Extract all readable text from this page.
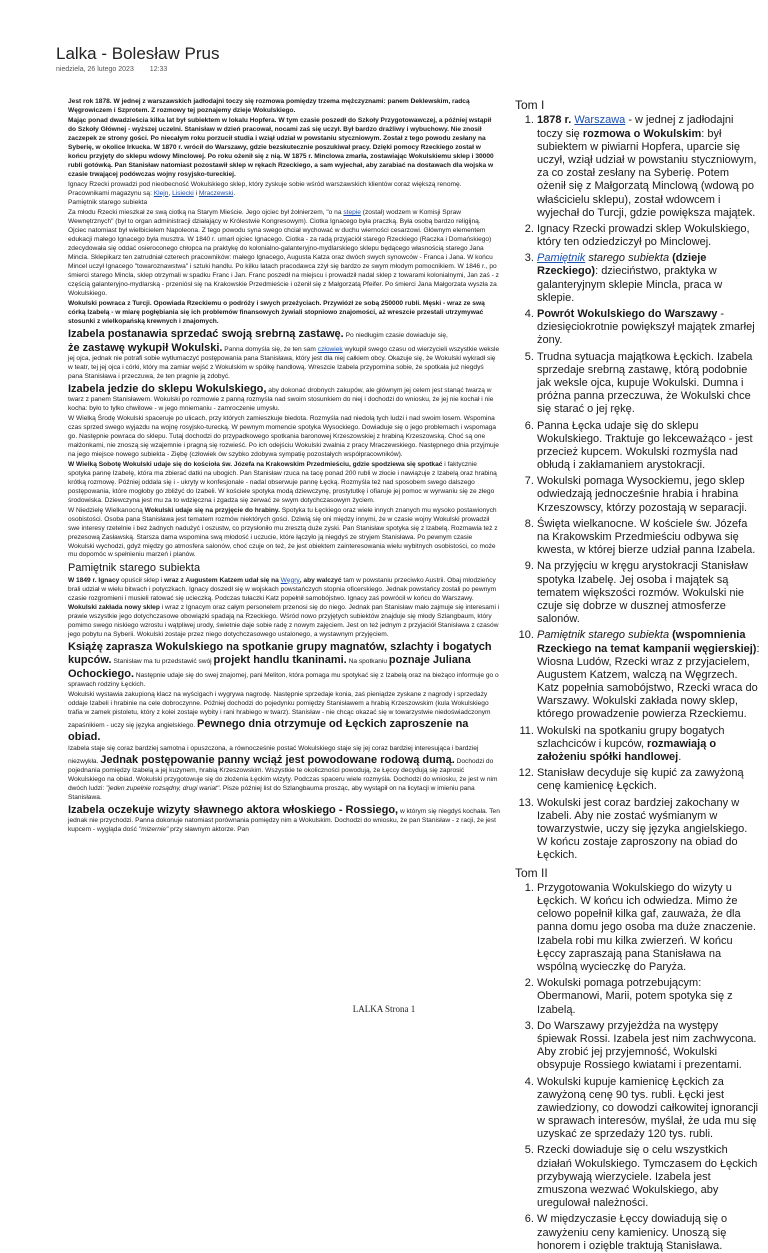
Lalka - Bolesław Prus
niedziela, 26 lutego 2023 12:33

Jest rok 1878. W jednej z warszawskich jadłodajni toczy się rozmowa pomiędzy trzema mężczyznami: panem Deklewskim, radcą Węgrowiczem i Szprotem. Z rozmowy tej poznajemy dzieje Wokulskiego.

Mając ponad dwadzieścia kilka lat był subiektem w lokalu Hopfera. W tym czasie poszedł do Szkoły Przygotowawczej, a później wstąpił do Szkoły Głównej - wyższej uczelni. Stanisław w dzień pracował, nocami zaś się uczył. Był bardzo drażliwy i wybuchowy. Nie znosił zaczepek ze strony gości. Po niecałym roku porzucił studia i wziął udział w powstaniu styczniowym. Został z tego powodu zesłany na Syberię, w okolice Irkucka. W 1870 r. wrócił do Warszawy, gdzie bezskutecznie poszukiwał pracy. Dzięki pomocy Rzeckiego został w końcu przyjęty do sklepu wdowy Minclowej. Po roku ożenił się z nią. W 1875 r. Minclowa zmarła, zostawiając Wokulskiemu sklep i 30000 rubli gotówką. Pan Stanisław natomiast pozostawił sklep w rękach Rzeckiego, a sam wyjechał, aby zarabiać na dostawach dla wojska w czasie trwającej podówczas wojny rosyjsko-tureckiej.

Ignacy Rzecki prowadzi pod nieobecność Wokulskiego sklep, który zyskuje sobie wśród warszawskich klientów coraz większą renomę. Pracownikami magazynu są: Klejn, Lisiecki i Mraczewski.

Pamiętnik starego subiekta

Za młodu Rzecki mieszkał ze swą ciotką na Starym Mieście. Jego ojciec był żołnierzem, "o na stepie (został) wodzem w Komisji Spraw Wewnętrznych" (był to organ administracji działający w Królestwie Kongresowym). Ciotka Ignacego była praczką. Była osobą bardzo religijną. Ojciec natomiast był wielbicielem Napoleona. Z tego powodu syna swego chciał wychować w duchu wierności cesarzowi. Głównym elementem edukacji małego Ignacego była musztra. W 1840 r. umarł ojciec Ignacego. Ciotka - za radą przyjaciół starego Rzeckiego (Raczka i Domańskiego) zdecydowała się oddać osieroconego chłopca na praktykę do kolonialno-galanteryjno-mydlarskiego sklepu będącego własnością starego Jana Mincla. Sklepikarz ten zatrudniał czterech pracowników: małego Ignacego, Augusta Katza oraz dwóch swych synowców - Franca i Jana. W końcu Mincel uczył Ignacego "towaroznawstwa" i sztuki handlu. Po kilku latach pracodawca zżył się bardzo ze swym młodym pomocnikiem. W 1846 r., po śmierci starego Mincla, sklep otrzymali w spadku Franc i Jan. Franc poszedł na miejscu i prowadził nadal sklep z towarami kolonialnymi, Jan zaś - z częścią galanteryjno-mydlarską - przeniósł się na Krakowskie Przedmieście i ożenił się z Małgorzatą Pfeifer. Po śmierci Jana Małgorzata wyszła za Wokulskiego.

Wokulski powraca z Turcji. Opowiada Rzeckiemu o podróży i swych przeżyciach. Przywiózł ze sobą 250000 rubli. Męski - wraz ze swą córką Izabelą - w miarę pogłębiania się ich problemów finansowych żywiali stopniowo znajomości, aż wreszcie przestali utrzymywać stosunki z wielkopańską krewnych i znajomych.

Izabela postanawia sprzedać swoją srebrną zastawę. Po niedługim czasie dowiaduje się,

że zastawę wykupił Wokulski. Panna domyśla się, że ten sam człowiek wykupił swego czasu od wierzycieli wszystkie weksle jej ojca, jednak nie potrafi sobie wytłumaczyć postępowania pana Stanisława, który jest dla niej całkiem obcy. Okazuje się, że Wokulski wykradł się w teatr, tej jej ojca i córki, który ma zamiar wejść z Wokulskim w spółkę handlową. Wreszcie Izabela przypomina sobie, że spotkała już niegdyś pana Stanisława i przeczuwa, że ten pragnie ją zdobyć.

Izabela jedzie do sklepu Wokulskiego, aby dokonać drobnych zakupów, ale głównym jej celem jest stanąć twarzą w twarz z panem Stanisławem. Wokulski po rozmowie z panną rozmyśla nad swoim stosunkiem do niej i dochodzi do wniosku, że jej nie kochał i nie kocha: było to tylko chwilowe - w jego mniemaniu - zamroczenie umysłu.

W Wielką Środę Wokulski spaceruje po ulicach, przy których zamieszkuje biedota. Rozmyśla nad niedolą tych ludzi i nad swoim losem. Wspomina czas sprzed swego wyjazdu na wojnę rosyjsko-turecką. W pewnym momencie spotyka Wysockiego. Dowiaduje się o jego problemach i wspomaga go. Następnie powraca do sklepu. Tutaj dochodzi do przypadkowego spotkania baronowej Krzeszowskiej z hrabiną Krzeszowską. Choć są one małżonkami, nie znoszą się wzajemnie i pragną się rozwieść. Po ich odejściu Wokulski zwalnia z pracy Mraczewskiego. Następnego dnia przyjmuje na jego miejsce nowego subiekta - Ziębę (człowiek ów szybko zdobywa sympatię pozostałych współpracowników).

W Wielką Sobotę Wokulski udaje się do kościoła św. Józefa na Krakowskim Przedmieściu, gdzie spodziewa się spotkać i faktycznie spotyka pannę Izabelę, która ma zbierać datki na ubogich. Pan Stanisław rzuca na tacę ponad 200 rubli w złocie i nawiązuje z Izabelą oraz hrabiną krótką rozmowę. Później oddala się i - ukryty w konfesjonale - nadal obserwuje pannę Łęcką. Rozmyśla też nad sposobem swego dalszego postępowania, które mogłoby go zbliżyć do Izabeli. W kościele spotyka modą dziewczynę, prostytutkę i ofiaruje jej pomoc w wyrwaniu się ze złego środowiska. Dziewczyna jest mu za to wdzięczna i zgadza się zerwać ze swym dotychczasowym życiem.

W Niedzielę Wielkanocną Wokulski udaje się na przyjęcie do hrabiny. Spotyka tu Łęckiego oraz wiele innych znanych mu wysoko postawionych osobistości. Osoba pana Stanisława jest tematem rozmów niektórych gości. Dziwią się oni między innymi, że w czasie wojny Wokulski prowadził swe interesy rzetelnie i bez żadnych nadużyć i oszustw, co przysłoniło mu zresztą duże zyski. Pan Stanisław spotyka się z Izabelą. Rozmawia też z prezesową Zasławską. Starsza dama wspomina swą młodość i uczucie, które łączyło ją niegdyś ze stryjem Stanisława. Po pewnym czasie Wokulski wychodzi, gdyż między go atmosfera salonów, choć czuje on też, że jest obiektem zainteresowania wielu wybitnych osobistości, co może mu dopomóc w spełnieniu marzeń i planów.

Pamiętnik starego subiekta

W 1849 r. Ignacy opuścił sklep i wraz z Augustem Katzem udał się na Węgry, aby walczyć tam w powstaniu przeciwko Austrii. Obaj młodzieńcy brali udział w wielu bitwach i potyczkach. Ignacy doszedł się w wojskach powstańczych stopnia oficerskiego. Jednak powstańcy zostali po pewnym czasie rozgromieni i musieli ratować się ucieczką. Podczas tułaczki Katz popełnił samobójstwo. Ignacy zaś powrócił w końcu do Warszawy.

Wokulski zakłada nowy sklep i wraz z Ignacym oraz całym personelem przenosi się do niego. Jednak pan Stanisław mało zajmuje się interesami i prawie wszystkie jego dotychczasowe obowiązki spadają na Rzeckiego. Wśród nowo przyjętych subiektów znajduje się młody Szlangbaum, który pomimo swego niskiego wzrostu i wątpliwej urody, świetnie daje sobie radę z nowym zajęciem. Jest on też jednym z przyjaciół Stanisława z czasów jego pobytu na Syberii. Wokulski zostaje przez niego dotychczasowego ustalonego, a wystawnym przyjęciem.

Książę zaprasza Wokulskiego na spotkanie grupy magnatów, szlachty i bogatych kupców. Stanisław ma tu przedstawić swój projekt handlu tkaninami. Na spotkaniu poznaje Juliana Ochockiego. Następnie udaje się do swej znajomej, pani Meliton, która pomaga mu spotykać się z Izabelą oraz na bieżąco informuje go o sprawach rodziny Łęckich.

Wokulski wystawia zakupioną klacz na wyścigach i wygrywa nagrodę. Następnie sprzedaje konia, zaś pieniądze zyskane z nagrody i sprzedaży oddaje Izabeli i hrabinie na cele dobroczynne. Później dochodzi do pojedynku pomiędzy Stanisławem a hrabią Krzeszowskim (kula Wokulskiego trafia w zamek pistoletu, który z kolei zostaje wybity i rani hrabiego w twarz). Stanisław - nie chcąc okazać się w towarzystwie niedoświadczonym zapaśnikiem - uczy się języka angielskiego. Pewnego dnia otrzymuje od Łęckich zaproszenie na obiad.

Izabela staje się coraz bardziej samotna i opuszczona, a równocześnie postać Wokulskiego staje się jej coraz bardziej interesująca i bardziej niezwykła. Jednak postępowanie panny wciąż jest powodowane rodową dumą. Dochodzi do pojednania pomiędzy Izabelą a jej kuzynem, hrabią Krzeszowskim. Wszystkie te okoliczności powodują, że Łęccy decydują się zaprosić Wokulskiego na obiad. Wokulski przygotowuje się do złożenia Łęckim wizyty. Podczas spaceru wiele rozmyśla. Dochodzi do wniosku, że jest w nim dwóch ludzi: "jeden zupełnie rozsądny, drugi wariat". Pisze później list do Szlangbauma prosząc, aby wystąpił on na licytacji w imieniu pana Stanisława.

Izabela oczekuje wizyty sławnego aktora włoskiego - Rossiego, w którym się niegdyś kochała. Ten jednak nie przychodzi. Panna dokonuje natomiast porównania pomiędzy nim a Wokulskim. Dochodzi do wniosku, że pan Stanisław - z racji, że jest kupcem - wygląda dość "mizernie" przy sławnym aktorze. Pan

Tom I
1. 1878 r. Warszawa - w jednej z jadłodajni toczy się rozmowa o Wokulskim: był subiektem w piwiarni Hopfera, uparcie się uczył, wziął udział w powstaniu styczniowym, za co został zesłany na Syberię. Potem ożenił się z Małgorzatą Minclową (wdową po właścicielu sklepu), został wdowcem i wyjechał do Turcji, gdzie powiększa majątek.
2. Ignacy Rzecki prowadzi sklep Wokulskiego, który ten odziedziczył po Minclowej.
3. Pamiętnik starego subiekta (dzieje Rzeckiego): dzieciństwo, praktyka w galanteryjnym sklepie Mincla, praca w sklepie.
4. Powrót Wokulskiego do Warszawy - dziesięciokrotnie powiększył majątek zmarłej żony.
5. Trudna sytuacja majątkowa Łęckich. Izabela sprzedaje srebrną zastawę, którą podobnie jak weksle ojca, kupuje Wokulski. Dumna i próżna panna przeczuwa, że Wokulski chce się starać o jej rękę.
6. Panna Łęcka udaje się do sklepu Wokulskiego. Traktuje go lekceważąco - jest przecież kupcem. Wokulski rozmyśla nad obłudą i zakłamaniem arystokracji.
7. Wokulski pomaga Wysockiemu, jego sklep odwiedzają jednocześnie hrabia i hrabina Krzeszowscy, którzy pozostają w separacji.
8. Święta wielkanocne. W kościele św. Józefa na Krakowskim Przedmieściu odbywa się kwesta, w której bierze udział panna Izabela.
9. Na przyjęciu w kręgu arystokracji Stanisław spotyka Izabelę. Jej osoba i majątek są tematem większości rozmów. Wokulski nie czuje się dobrze w dusznej atmosferze salonów.
10. Pamiętnik starego subiekta (wspomnienia Rzeckiego na temat kampanii węgierskiej): Wiosna Ludów, Rzecki wraz z przyjacielem, Augustem Katzem, walczą na Węgrzech. Katz popełnia samobójstwo, Rzecki wraca do Warszawy. Wokulski zakłada nowy sklep, którego prowadzenie powierza Rzeckiemu.
11. Wokulski na spotkaniu grupy bogatych szlachciców i kupców, rozmawiają o założeniu spółki handlowej.
12. Stanisław decyduje się kupić za zawyżoną cenę kamienicę Łęckich.
13. Wokulski jest coraz bardziej zakochany w Izabeli. Aby nie zostać wyśmianym w towarzystwie, uczy się języka angielskiego. W końcu zostaje zaproszony na obiad do Łęckich.
Tom II
1. Przygotowania Wokulskiego do wizyty u Łęckich. W końcu ich odwiedza. Mimo że celowo popełnił kilka gaf, zauważa, że dla panna domu jego osoba ma duże znaczenie. Izabela robi mu kilka zwierzeń. W końcu Łęccy zapraszają pana Stanisława na wspólną wycieczkę do Paryża.
2. Wokulski pomaga potrzebującym: Obermanowi, Marii, potem spotyka się z Izabelą.
3. Do Warszawy przyjeżdża na występy śpiewak Rossi. Izabela jest nim zachwycona. Aby zrobić jej przyjemność, Wokulski obsypuje Rossiego kwiatami i prezentami.
4. Wokulski kupuje kamienicę Łęckich za zawyżoną cenę 90 tys. rubli. Łęcki jest zawiedziony, co dowodzi całkowitej ignorancji w sprawach interesów, myślał, że uda mu się uzyskać ze sprzedaży 120 tys. rubli.
5. Rzecki dowiaduje się o celu wszystkich działań Wokulskiego. Tymczasem do Łęckich przybywają wierzyciele. Izabela jest zmuszona wezwać Wokulskiego, aby uregulował należności.
6. W międzyczasie Łęccy dowiadują się o zawyżeniu ceny kamienicy. Unoszą się honorem i ozięble traktują Stanisława.
LALKA Strona 1
